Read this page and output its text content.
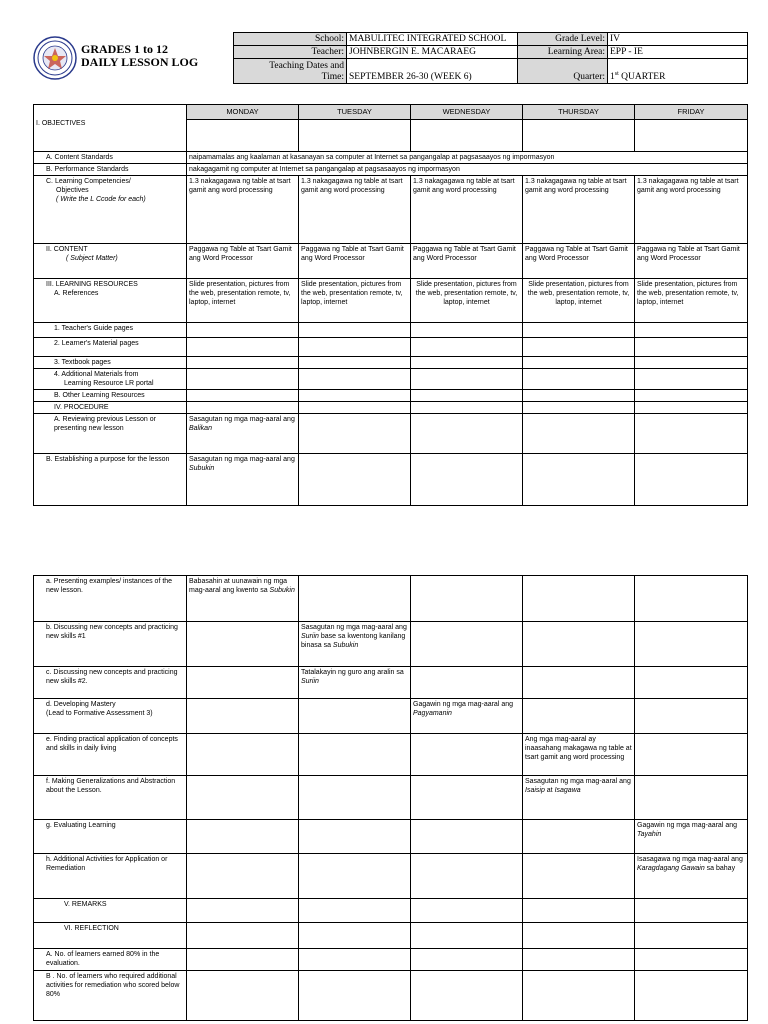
GRADES 1 to 12
DAILY LESSON LOG
School:	MABULITEC INTEGRATED SCHOOL	Grade Level:	IV
Teacher:	JOHNBERGIN E. MACARAEG	Learning Area:	EPP - IE
Teaching Dates and
Time:	SEPTEMBER 26-30 (WEEK 6)	Quarter:	1st QUARTER
I. OBJECTIVES	MONDAY	TUESDAY	WEDNESDAY	THURSDAY	FRIDAY

A. Content Standards	naipamamalas ang kaalaman at kasanayan sa computer at Internet sa pangangalap at pagsasaayos ng impormasyon				
B. Performance Standards	nakagagamit ng computer at Internet sa pangangalap at pagsasaayos ng impormasyon				

C. Learning Competencies/
Objectives
( Write the L Ccode for each)	1.3 nakagagawa ng table at tsart gamit ang word processing	1.3 nakagagawa ng table at tsart gamit ang word processing	1.3 nakagagawa ng table at tsart gamit ang word processing	1.3 nakagagawa ng table at tsart gamit ang word processing	1.3 nakagagawa ng table at tsart gamit ang word processing

II. CONTENT
( Subject Matter)	Paggawa ng Table at Tsart Gamit ang Word Processor	Paggawa ng Table at Tsart Gamit ang Word Processor	Paggawa ng Table at Tsart Gamit ang Word Processor	Paggawa ng Table at Tsart Gamit ang Word Processor	Paggawa ng Table at Tsart Gamit ang Word Processor

III. LEARNING RESOURCES
A. References	Slide presentation, pictures from the web, presentation remote, tv, laptop, internet	Slide presentation, pictures from the web, presentation remote, tv, laptop, internet	Slide presentation, pictures from the web, presentation remote, tv, laptop, internet	Slide presentation, pictures from the web, presentation remote, tv, laptop, internet	Slide presentation, pictures from the web, presentation remote, tv, laptop, internet
1. Teacher's Guide pages					
2. Learner's Material pages					
3. Textbook pages					

4. Additional Materials from
Learning Resource LR portal					

B. Other Learning Resources					
IV. PROCEDURE					
A. Reviewing previous Lesson or presenting new lesson	Sasagutan ng mga mag-aaral ang Balikan				
B. Establishing a purpose for the lesson	Sasagutan ng mga mag-aaral ang Subukin				
a. Presenting examples/ instances of the new lesson.	Babasahin at uunawain ng mga mag-aaral ang kwento sa Subukin				
b. Discussing new concepts and practicing new skills #1		Sasagutan ng mga mag-aaral ang Suriin base sa kwentong kanilang binasa sa Subukin			
c. Discussing new concepts and practicing new skills #2.		Tatalakayin ng guro ang aralin sa Suriin			

d. Developing Mastery
(Lead to Formative Assessment 3)			Gagawin ng mga mag-aaral ang Pagyamanin		
e. Finding practical application of concepts and skills in daily living				Ang mga mag-aaral ay inaasahang makagawa ng table at tsart gamit ang word processing	
f. Making Generalizations and Abstraction about the Lesson.				Sasagutan ng mga mag-aaral ang Isaisip at Isagawa	
g. Evaluating Learning					Gagawin ng mga mag-aaral ang Tayahin
h. Additional Activities for Application or Remediation					Isasagawa ng mga mag-aaral ang Karagdagang Gawain sa bahay
V. REMARKS					
VI. REFLECTION					
A. No. of learners earned 80% in the evaluation.					
B . No. of learners who required additional activities for remediation who scored below 80%					
